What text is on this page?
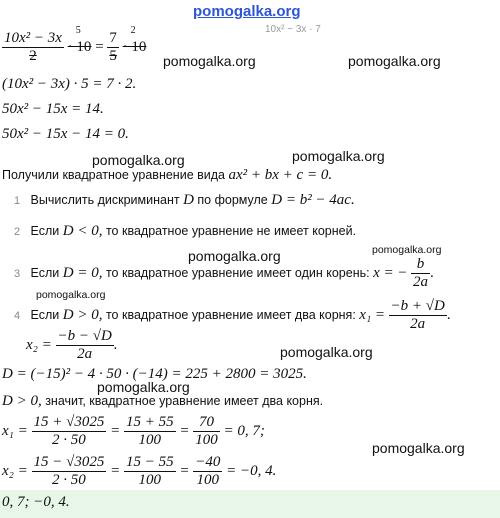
pomogalka.org
10x² − 3x · 7
$\frac{\text{10x² − 3x}}{2}$
5
· $10 = \frac{7}{5}$
2
· 10
pomogalka.org	pomogalka.org
(10x² − 3x) · 5 = 7 · 2.
50x² − 15x = 14.
50x² − 15x − 14 = 0.
pomogalka.org	pomogalka.org
Получили квадратное уравнение вида ax² + bx + c = 0.
1 Вычислить дискриминант D по формуле D = b² − 4ac.
2 Если D < 0, то квадратное уравнение не имеет корней.
pomogalka.org	pomogalka.org
3 Если D = 0, то квадратное уравнение имеет один корень: x = − $\frac{b}{2a}$ .
pomogalka.org
4 Если D > 0, то квадратное уравнение имеет два корня: $x_1 = \frac{-b + √D}{2a}$ .
$x_2 = \frac{-b - √D}{2a}$ .	pomogalka.org
D = (−15)² − 4 · 50 · (−14) = 225 + 2800 = 3025.
pomogalka.org
D > 0, значит, квадратное уравнение имеет два корня.
$x_1 = \frac{15 + √3025}{2 \cdot 50} = \frac{15 + 55}{100} = \frac{70}{100} = 0$, 7;
pomogalka.org
$x_2 = \frac{15 - √3025}{2 \cdot 50} = \frac{15 - 55}{100} = \frac{-40}{100} = -0$, 4.
0, 7; −0, 4.
